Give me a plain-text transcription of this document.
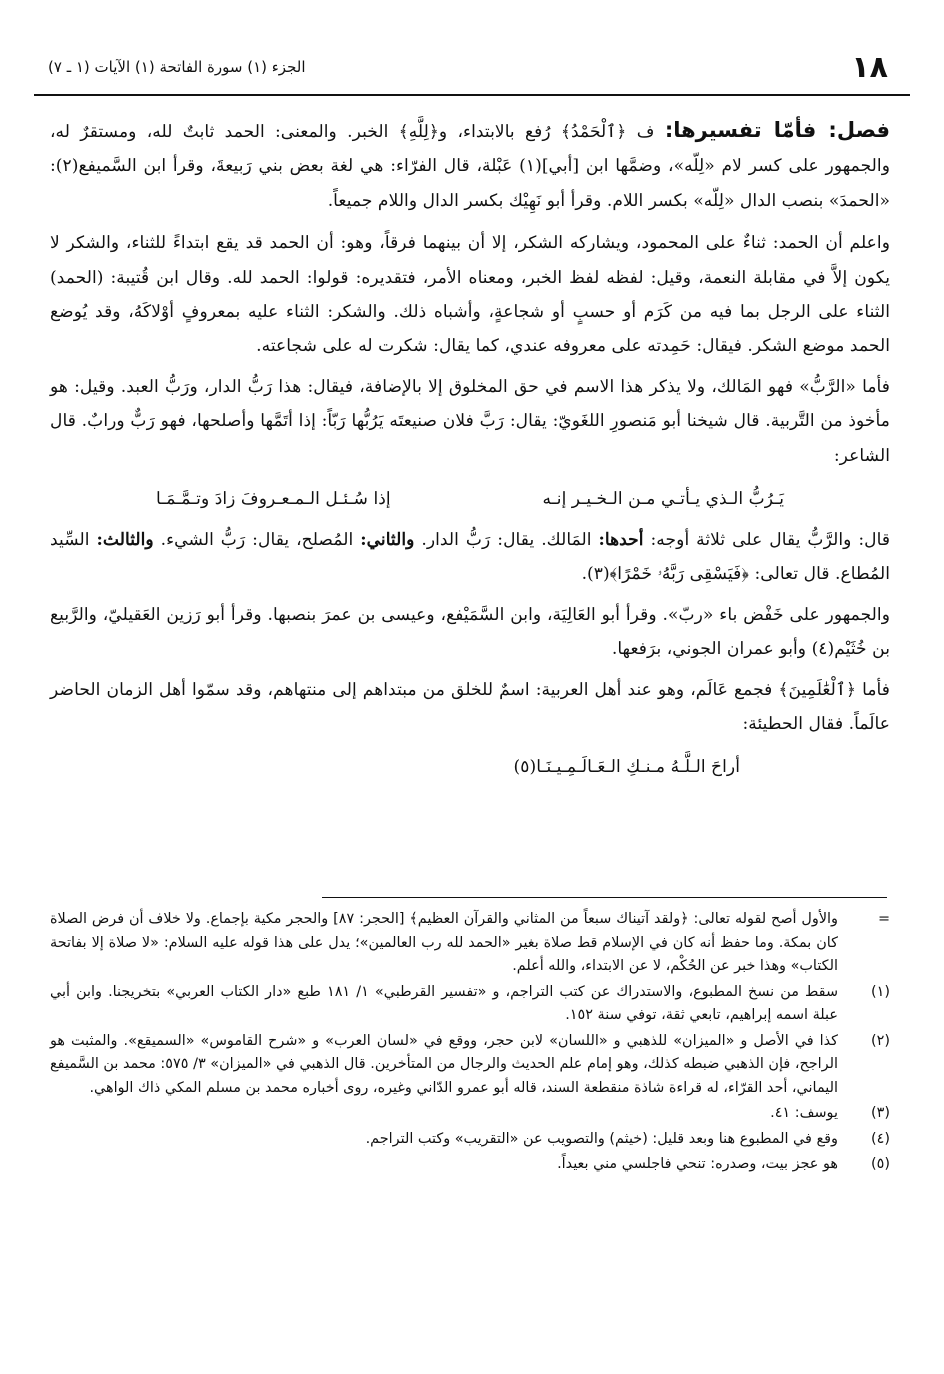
١٨
الجزء (١) سورة الفاتحة (١) الآيات (١ ـ ٧)

فصل: فأمّا تفسيرها: ف ﴿ٱلْحَمْدُ﴾ رُفع بالابتداء، و﴿لِلَّهِ﴾ الخبر. والمعنى: الحمد ثابتٌ لله، ومستقرٌ له، والجمهور على كسر لام «لِلّه»، وضمَّها ابن [أبي](١) عَبْلة، قال الفرّاء: هي لغة بعض بني رَبيعةَ، وقرأ ابن السَّميفع(٢): «الحمدَ» بنصب الدال «لِلّه» بكسر اللام. وقرأ أبو نَهِيْك بكسر الدال واللام جميعاً.

واعلم أن الحمد: ثناءٌ على المحمود، ويشاركه الشكر، إلا أن بينهما فرقاً، وهو: أن الحمد قد يقع ابتداءً للثناء، والشكر لا يكون إلاَّ في مقابلة النعمة، وقيل: لفظه لفظ الخبر، ومعناه الأمر، فتقديره: قولوا: الحمد لله. وقال ابن قُتيبة: (الحمد) الثناء على الرجل بما فيه من كَرَم أو حسبٍ أو شجاعةٍ، وأشباه ذلك. والشكر: الثناء عليه بمعروفٍ أوْلاكَهُ، وقد يُوضع الحمد موضع الشكر. فيقال: حَمِدته على معروفه عندي، كما يقال: شكرت له على شجاعته.

فأما «الرَّبُّ» فهو المَالك، ولا يذكر هذا الاسم في حق المخلوق إلا بالإضافة، فيقال: هذا رَبُّ الدار، ورَبُّ العبد. وقيل: هو مأخوذ من التَّربية. قال شيخنا أبو مَنصورِ اللغَويّ: يقال: رَبَّ فلان صنيعتَه يَرُبُّها رَبّاً: إذا أتَمَّها وأصلحها، فهو رَبٌّ ورابٌ. قال الشاعر:

يَـرُبُّ الـذي يـأتـي مـن الـخـيـر إنـه
إذا سُـئـل الـمـعـروفَ زادَ وتـمَّـمَـا

قال: والرَّبُّ يقال على ثلاثة أوجه: أحدها: المَالك. يقال: رَبُّ الدار. والثاني: المُصلح، يقال: رَبُّ الشيء. والثالث: السِّيد المُطاع. قال تعالى: ﴿فَيَسْقِى رَبَّهُۥ خَمْرًا﴾(٣).

والجمهور على خَفْض باء «ربّ». وقرأ أبو العَالِيَة، وابن السَّمَيْفع، وعيسى بن عمرَ بنصبها. وقرأ أبو رَزين العَقيليّ، والرَّبيع بن خُثَيْم(٤) وأبو عمران الجوني، برَفعها.

فأما ﴿ٱلْعَٰلَمِينَ﴾ فجمع عَالَم، وهو عند أهل العربية: اسمٌ للخلق من مبتداهم إلى منتهاهم، وقد سمّوا أهل الزمان الحاضر عالَماً. فقال الحطيئة:

أراحَ الـلَّـهُ مـنـكِ الـعَـالَـمِـيـنَـا(٥)
=
والأول أصح لقوله تعالى: ﴿ولقد آتيناك سبعاً من المثاني والقرآن العظيم﴾ [الحجر: ٨٧] والحجر مكية بإجماع. ولا خلاف أن فرض الصلاة كان بمكة. وما حفظ أنه كان في الإسلام قط صلاة بغير «الحمد لله رب العالمين»؛ يدل على هذا قوله عليه السلام: «لا صلاة إلا بفاتحة الكتاب» وهذا خبر عن الحُكْم، لا عن الابتداء، والله أعلم.
(١)
سقط من نسخ المطبوع، والاستدراك عن كتب التراجم، و «تفسير القرطبي» ١/ ١٨١ طبع «دار الكتاب العربي» بتخريجنا. وابن أبي عبلة اسمه إبراهيم، تابعي ثقة، توفي سنة ١٥٢.
(٢)
كذا في الأصل و «الميزان» للذهبي و «اللسان» لابن حجر، ووقع في «لسان العرب» و «شرح القاموس» «السميقع». والمثبت هو الراجح، فإن الذهبي ضبطه كذلك، وهو إمام علم الحديث والرجال من المتأخرين. قال الذهبي في «الميزان» ٣/ ٥٧٥: محمد بن السَّميفع اليماني، أحد القرّاء، له قراءة شاذة منقطعة السند، قاله أبو عمرو الدّاني وغيره، روى أخباره محمد بن مسلم المكي ذاك الواهي.
(٣)
يوسف: ٤١.
(٤)
وقع في المطبوع هنا وبعد قليل: (خيثم) والتصويب عن «التقريب» وكتب التراجم.
(٥)
هو عجز بيت، وصدره: تنحي فاجلسي مني بعيداً.
